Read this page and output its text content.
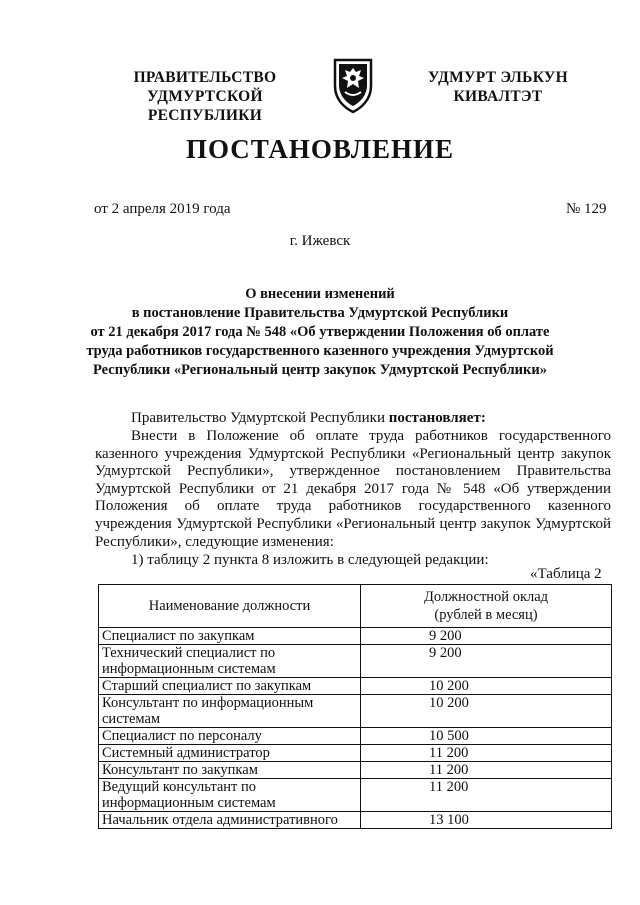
ПРАВИТЕЛЬСТВО
УДМУРТСКОЙ РЕСПУБЛИКИ
УДМУРТ ЭЛЬКУН
КИВАЛТЭТ
ПОСТАНОВЛЕНИЕ
от 2 апреля 2019 года	№ 129
г. Ижевск
О внесении изменений
в постановление Правительства Удмуртской Республики
от 21 декабря 2017 года № 548 «Об утверждении Положения об оплате
труда работников государственного казенного учреждения Удмуртской
Республики «Региональный центр закупок Удмуртской Республики»
Правительство Удмуртской Республики постановляет:
Внести в Положение об оплате труда работников государственного казенного учреждения Удмуртской Республики «Региональный центр закупок Удмуртской Республики», утвержденное постановлением Правительства Удмуртской Республики от 21 декабря 2017 года № 548 «Об утверждении Положения об оплате труда работников государственного казенного учреждения Удмуртской Республики «Региональный центр закупок Удмуртской Республики», следующие изменения:
1) таблицу 2 пункта 8 изложить в следующей редакции:
«Таблица 2
Наименование должности	Должностной оклад
(рублей в месяц)

Специалист по закупкам	9 200
Технический специалист по информационным системам	9 200
Старший специалист по закупкам	10 200
Консультант по информационным системам	10 200
Специалист по персоналу	10 500
Системный администратор	11 200
Консультант по закупкам	11 200
Ведущий консультант по информационным системам	11 200
Начальник отдела административного	13 100
